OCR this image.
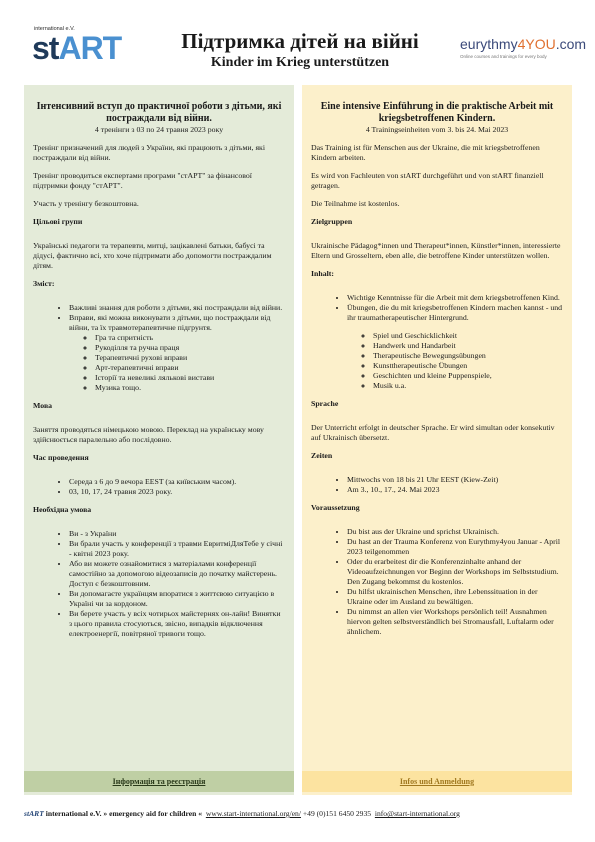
international e.V.
stART	Підтримка дітей на війні
Kinder im Krieg unterstützen
eurythmy4YOU.com
Online courses and trainings for every body
Інтенсивний вступ до практичної роботи з дітьми, які постраждали від війни.
4 тренінги з 03 по 24 травня 2023 року

Тренінг призначений для людей з України, які працюють з дітьми, які постраждали від війни.

Тренінг проводиться експертами програми "стАРТ" за фінансової підтримки фонду "стАРТ".

Участь у тренінгу безкоштовна.

Цільові групи

Українські педагоги та терапевти, митці, зацікавлені батьки, бабусі та дідусі, фактично всі, хто хоче підтримати або допомогти постраждалим дітям.

Зміст:
• Важливі знання для роботи з дітьми, які постраждали від війни.
• Вправи, які можна виконувати з дітьми, що постраждали від війни, та їх травмотерапевтичне підгрунтя.
◦ Гра та спритність
◦ Рукоділля та ручна праця
◦ Терапевтичні рухові вправи
◦ Арт-терапевтичні вправи
◦ Історії та невеликі лялькові вистави
◦ Музика тощо.
Мова

Заняття проводяться німецькою мовою. Переклад на українську мову здійснюється паралельно або послідовно.

Час проведення
• Середа з 6 до 9 вечора EEST (за київським часом).
• 03, 10, 17, 24 травня 2023 року.
Необхідна умова
• Ви - з України
• Ви брали участь у конференції з травми ЕвритміДляТебе у січні - квітні 2023 року.
• Або ви можете ознайомитися з матеріалами конференції самостійно за допомогою відеозаписів до початку майстерень. Доступ є безкоштовним.
• Ви допомагаєте українцям впоратися з життєвою ситуацією в Україні чи за кордоном.
• Ви берете участь у всіх чотирьох майстернях он-лайн! Винятки з цього правила стосуються, звісно, випадків відключення електроенергії, повітряної тривоги тощо.
Eine intensive Einführung in die praktische Arbeit mit kriegsbetroffenen Kindern.
4 Trainingseinheiten vom 3. bis 24. Mai 2023

Das Training ist für Menschen aus der Ukraine, die mit kriegsbetroffenen Kindern arbeiten.

Es wird von Fachleuten von stART durchgeführt und von stART finanziell getragen.

Die Teilnahme ist kostenlos.

Zielgruppen

Ukrainische Pädagog*innen und Therapeut*innen, Künstler*innen, interessierte Eltern und Grosseltern, eben alle, die betroffene Kinder unterstützen wollen.

Inhalt:
• Wichtige Kenntnisse für die Arbeit mit dem kriegsbetroffenen Kind.
• Übungen, die du mit kriegsbetroffenen Kindern machen kannst - und ihr traumatherapeutischer Hintergrund.
◦ Spiel und Geschicklichkeit
◦ Handwerk und Handarbeit
◦ Therapeutische Bewegungsübungen
◦ Kunsttherapeutische Übungen
◦ Geschichten und kleine Puppenspiele,
◦ Musik u.a.
Sprache

Der Unterricht erfolgt in deutscher Sprache. Er wird simultan oder konsekutiv auf Ukrainisch übersetzt.

Zeiten
• Mittwochs von 18 bis 21 Uhr EEST (Kiew-Zeit)
• Am 3., 10., 17., 24. Mai 2023
Voraussetzung
• Du bist aus der Ukraine und sprichst Ukrainisch.
• Du hast an der Trauma Konferenz von Eurythmy4you Januar - April 2023 teilgenommen
• Oder du erarbeitest dir die Konferenzinhalte anhand der Videoaufzeichnungen vor Beginn der Workshops im Selbststudium. Den Zugang bekommst du kostenlos.
• Du hilfst ukrainischen Menschen, ihre Lebenssituation in der Ukraine oder im Ausland zu bewältigen.
• Du nimmst an allen vier Workshops persönlich teil! Ausnahmen hiervon gelten selbstverständlich bei Stromausfall, Luftalarm oder ähnlichem.
Інформація та реєстрація	Infos und Anmeldung
stART international e.V. » emergency aid for children « www.start-international.org/en/ +49 (0)151 6450 2935 info@start-international.org
